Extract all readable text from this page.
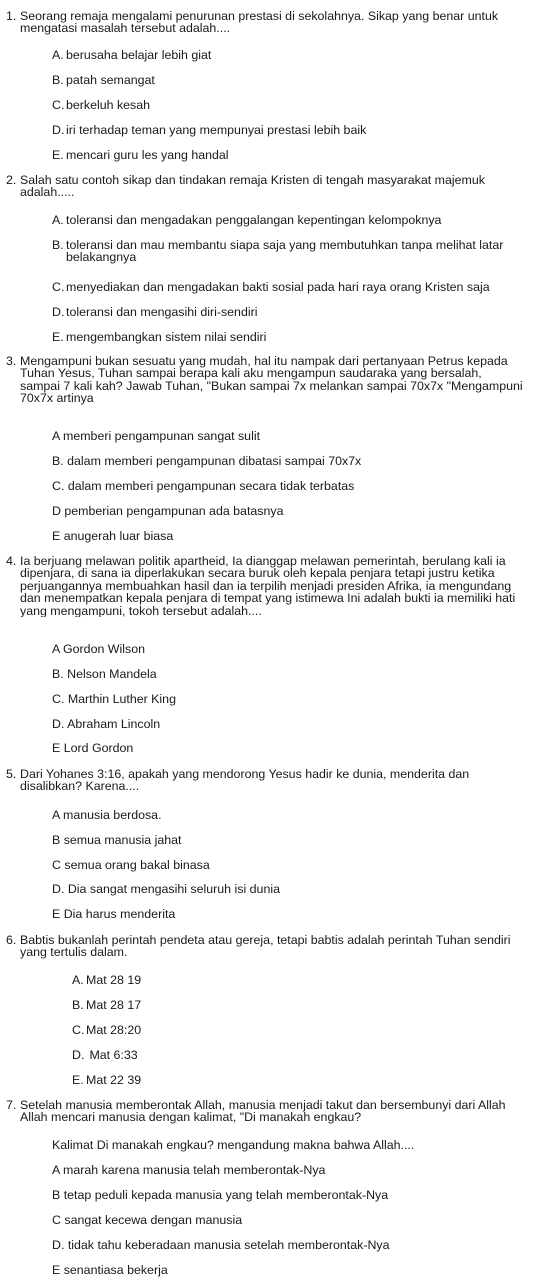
1. Seorang remaja mengalami penurunan prestasi di sekolahnya. Sikap yang benar untuk
mengatasi masalah tersebut adalah....
A. berusaha belajar lebih giat
B. patah semangat
C. berkeluh kesah
D. iri terhadap teman yang mempunyai prestasi lebih baik
E. mencari guru les yang handal
2. Salah satu contoh sikap dan tindakan remaja Kristen di tengah masyarakat majemuk
adalah.....
A. toleransi dan mengadakan penggalangan kepentingan kelompoknya
B. toleransi dan mau membantu siapa saja yang membutuhkan tanpa melihat latar
belakangnya
C. menyediakan dan mengadakan bakti sosial pada hari raya orang Kristen saja
D. toleransi dan mengasihi diri-sendiri
E. mengembangkan sistem nilai sendiri
3. Mengampuni bukan sesuatu yang mudah, hal itu nampak dari pertanyaan Petrus kepada
Tuhan Yesus, Tuhan sampai berapa kali aku mengampun saudaraka yang bersalah,
sampai 7 kali kah? Jawab Tuhan, "Bukan sampai 7x melankan sampai 70x7x "Mengampuni
70x7x artinya
A memberi pengampunan sangat sulit
B. dalam memberi pengampunan dibatasi sampai 70x7x
C. dalam memberi pengampunan secara tidak terbatas
D pemberian pengampunan ada batasnya
E anugerah luar biasa
4. Ia berjuang melawan politik apartheid, Ia dianggap melawan pemerintah, berulang kali ia
dipenjara, di sana ia diperlakukan secara buruk oleh kepala penjara tetapi justru ketika
perjuangannya membuahkan hasil dan ia terpilih menjadi presiden Afrika, ia mengundang
dan menempatkan kepala penjara di tempat yang istimewa Ini adalah bukti ia memiliki hati
yang mengampuni, tokoh tersebut adalah....
A Gordon Wilson
B. Nelson Mandela
C. Marthin Luther King
D. Abraham Lincoln
E Lord Gordon
5. Dari Yohanes 3:16, apakah yang mendorong Yesus hadir ke dunia, menderita dan
disalibkan? Karena....
A manusia berdosa.
B semua manusia jahat
C semua orang bakal binasa
D. Dia sangat mengasihi seluruh isi dunia
E Dia harus menderita
6. Babtis bukanlah perintah pendeta atau gereja, tetapi babtis adalah perintah Tuhan sendiri
yang tertulis dalam.
A. Mat 28 19
B. Mat 28 17
C. Mat 28:20
D. Mat 6:33
E. Mat 22 39
7. Setelah manusia memberontak Allah, manusia menjadi takut dan bersembunyi dari Allah
Allah mencari manusia dengan kalimat, "Di manakah engkau?
Kalimat Di manakah engkau? mengandung makna bahwa Allah....
A marah karena manusia telah memberontak-Nya
B tetap peduli kepada manusia yang telah memberontak-Nya
C sangat kecewa dengan manusia
D. tidak tahu keberadaan manusia setelah memberontak-Nya
E senantiasa bekerja
